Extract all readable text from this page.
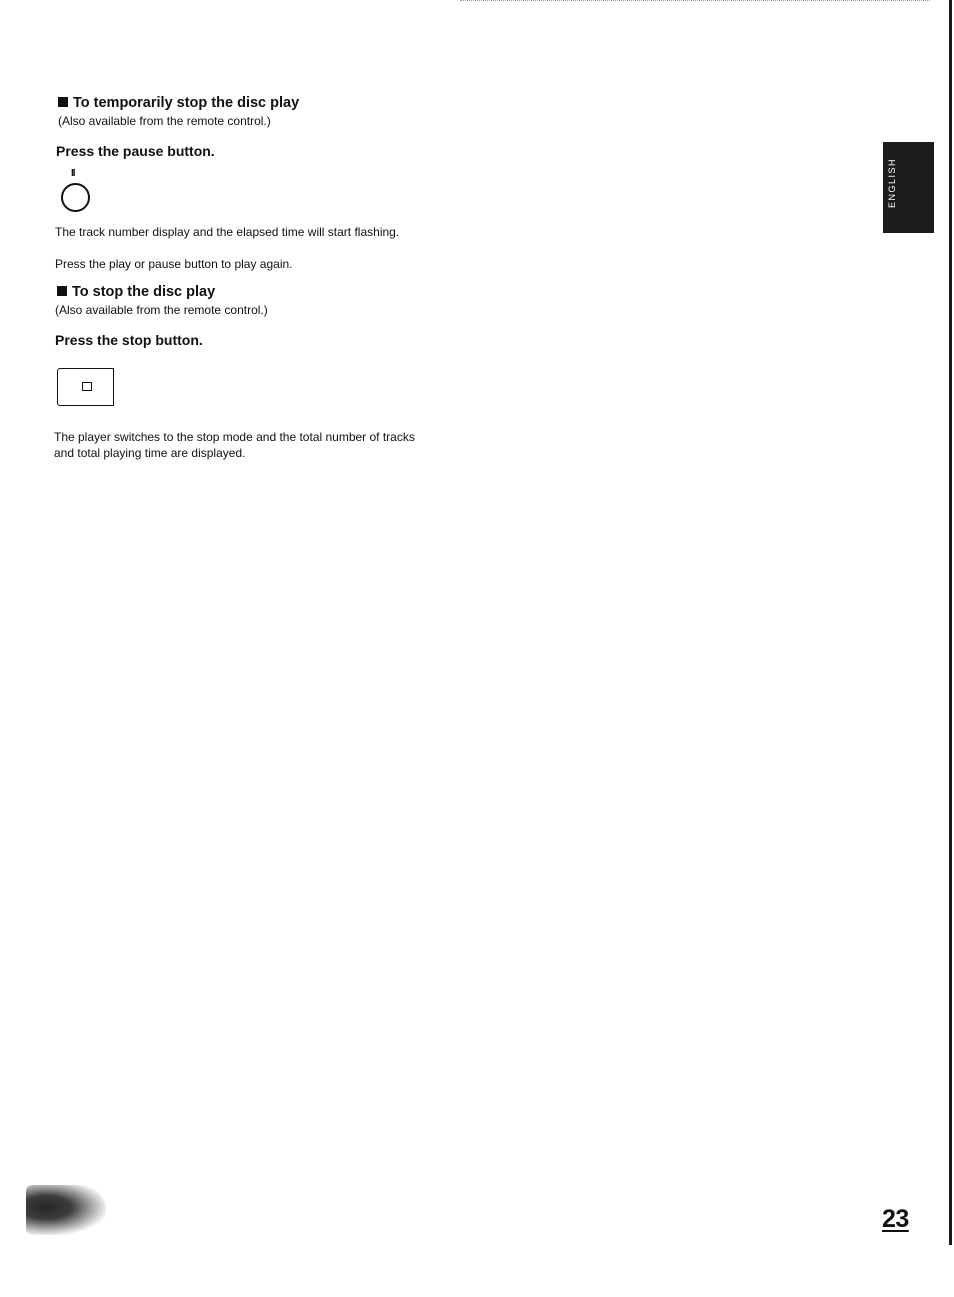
ENGLISH
To temporarily stop the disc play
(Also available from the remote control.)
Press the pause button.
II
The track number display and the elapsed time will start flashing.
Press the play or pause button to play again.
To stop the disc play
(Also available from the remote control.)
Press the stop button.
The player switches to the stop mode and the total number of tracks
and total playing time are displayed.
23
